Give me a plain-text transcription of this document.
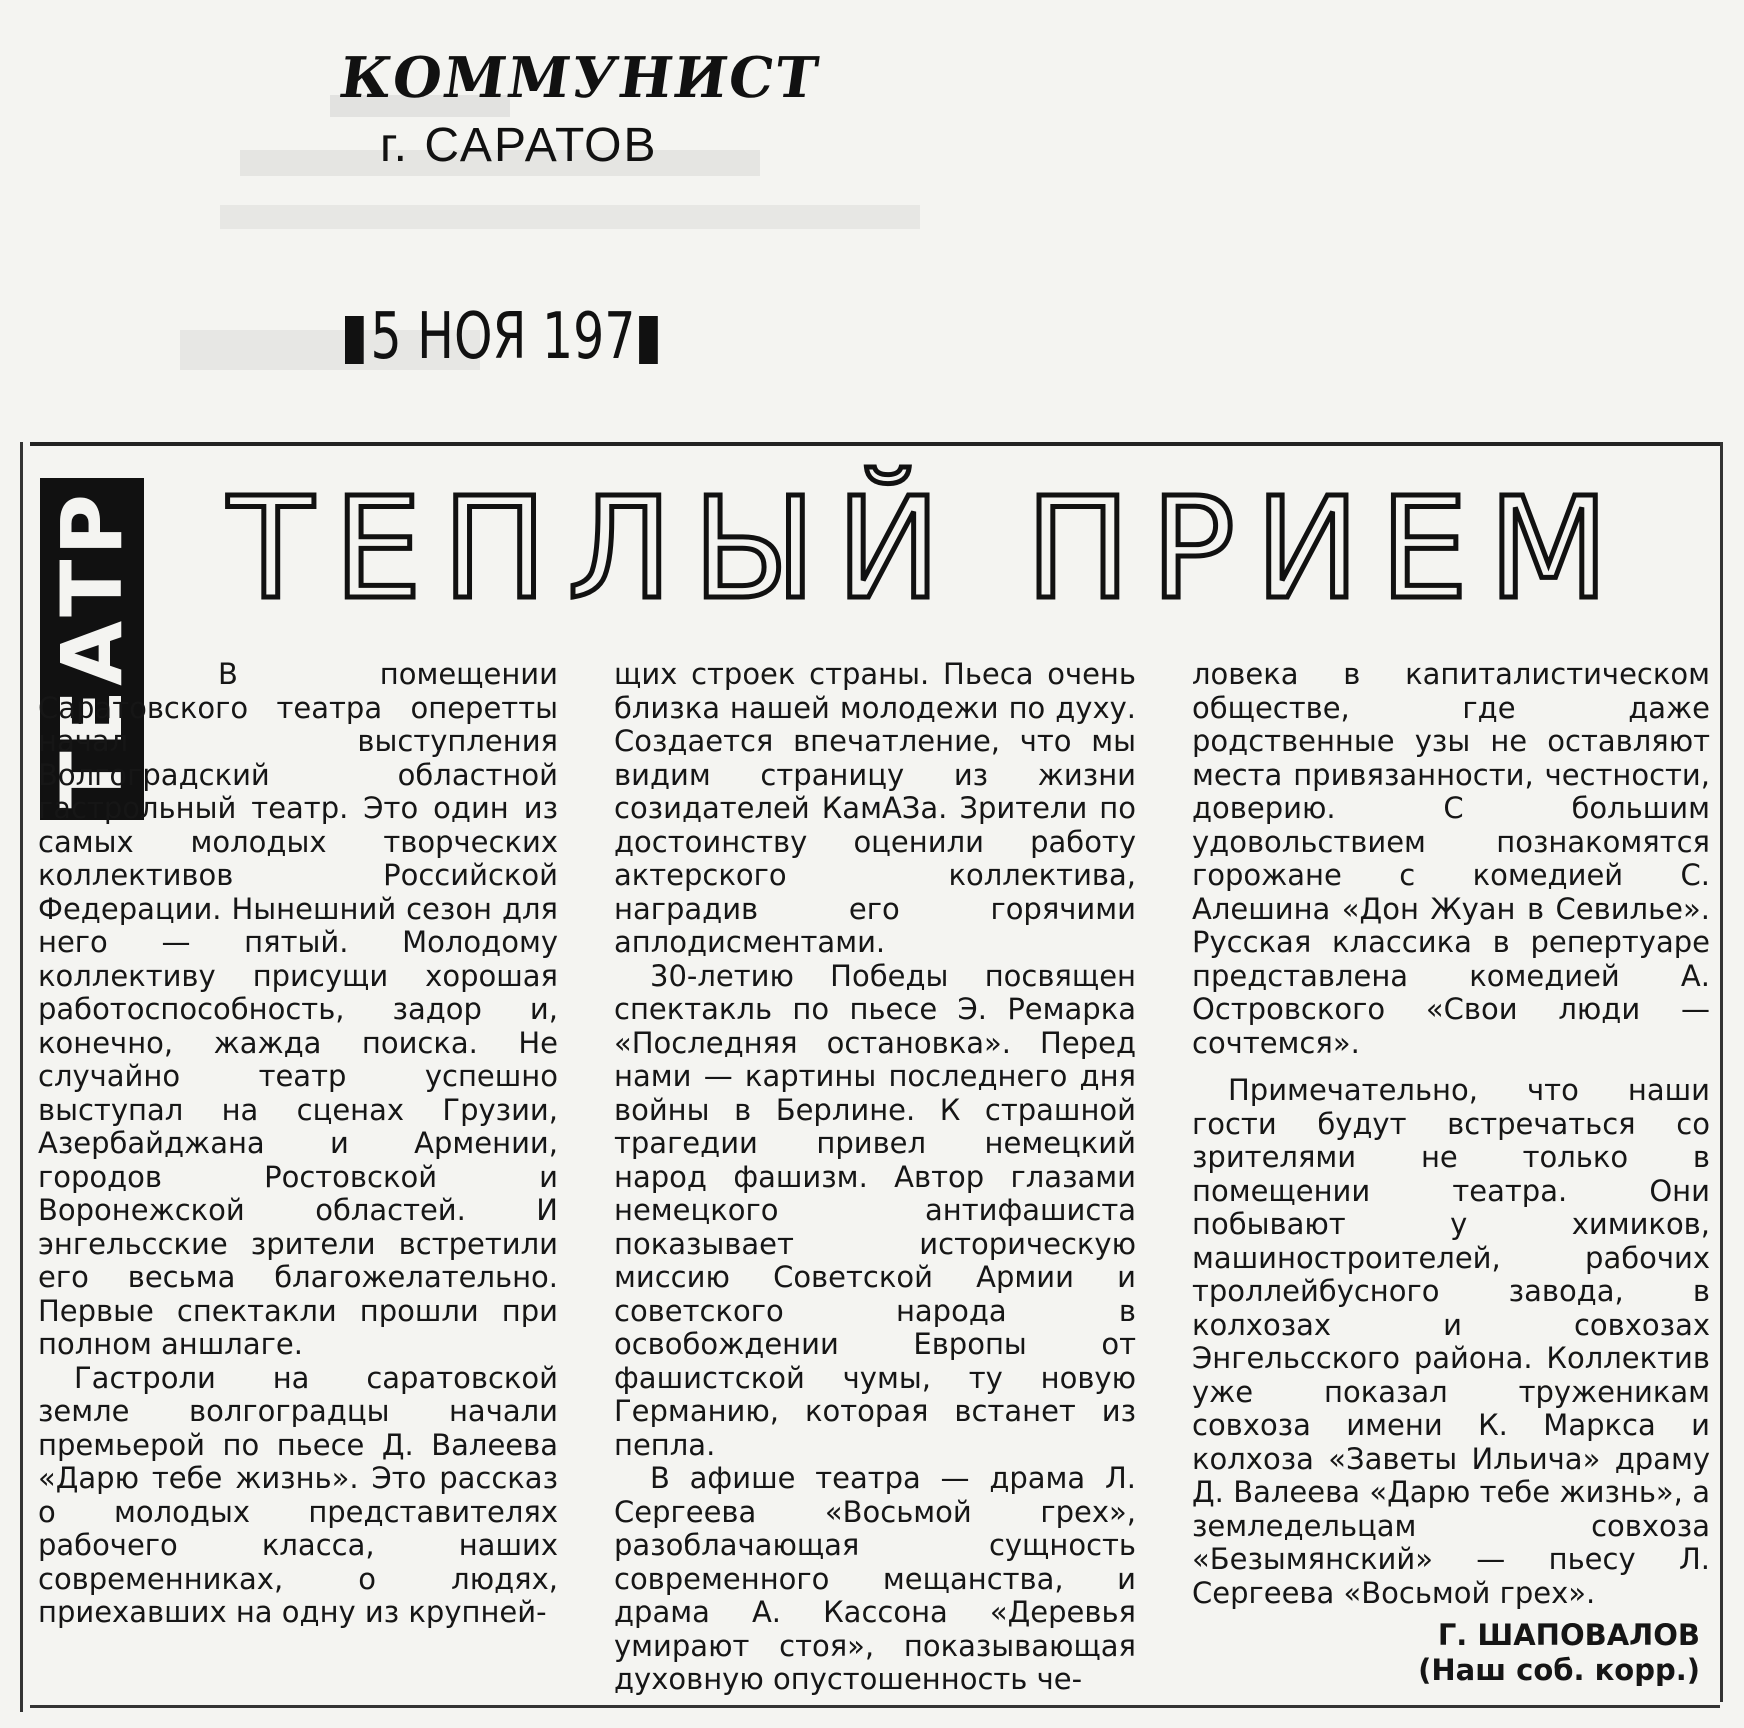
КОММУНИСТ
г. САРАТОВ
5 НОЯ 197
ТЕАТР ТЕПЛЫЙ ПРИЕМ

В помещении Саратовского театра оперетты начал выступления Волгоградский областной гастрольный театр. Это один из самых молодых творческих коллективов Российской Федерации. Нынешний сезон для него — пятый. Молодому коллективу присущи хорошая работоспособность, задор и, конечно, жажда поиска. Не случайно театр успешно выступал на сценах Грузии, Азербайджана и Армении, городов Ростовской и Воронежской областей. И энгельсские зрители встретили его весьма благожелательно. Первые спектакли прошли при полном аншлаге.

Гастроли на саратовской земле волгоградцы начали премьерой по пьесе Д. Валеева «Дарю тебе жизнь». Это рассказ о молодых представителях рабочего класса, наших современниках, о людях, приехавших на одну из крупней-

щих строек страны. Пьеса очень близка нашей молодежи по духу. Создается впечатление, что мы видим страницу из жизни созидателей КамАЗа. Зрители по достоинству оценили работу актерского коллектива, наградив его горячими аплодисментами.

30-летию Победы посвящен спектакль по пьесе Э. Ремарка «Последняя остановка». Перед нами — картины последнего дня войны в Берлине. К страшной трагедии привел немецкий народ фашизм. Автор глазами немецкого антифашиста показывает историческую миссию Советской Армии и советского народа в освобождении Европы от фашистской чумы, ту новую Германию, которая встанет из пепла.

В афише театра — драма Л. Сергеева «Восьмой грех», разоблачающая сущность современного мещанства, и драма А. Кассона «Деревья умирают стоя», показывающая духовную опустошенность че-

ловека в капиталистическом обществе, где даже родственные узы не оставляют места привязанности, честности, доверию. С большим удовольствием познакомятся горожане с комедией С. Алешина «Дон Жуан в Севилье». Русская классика в репертуаре представлена комедией А. Островского «Свои люди — сочтемся».

Примечательно, что наши гости будут встречаться со зрителями не только в помещении театра. Они побывают у химиков, машиностроителей, рабочих троллейбусного завода, в колхозах и совхозах Энгельсского района. Коллектив уже показал труженикам совхоза имени К. Маркса и колхоза «Заветы Ильича» драму Д. Валеева «Дарю тебе жизнь», а земледельцам совхоза «Безымянский» — пьесу Л. Сергеева «Восьмой грех».

Г. ШАПОВАЛОВ
(Наш соб. корр.)
